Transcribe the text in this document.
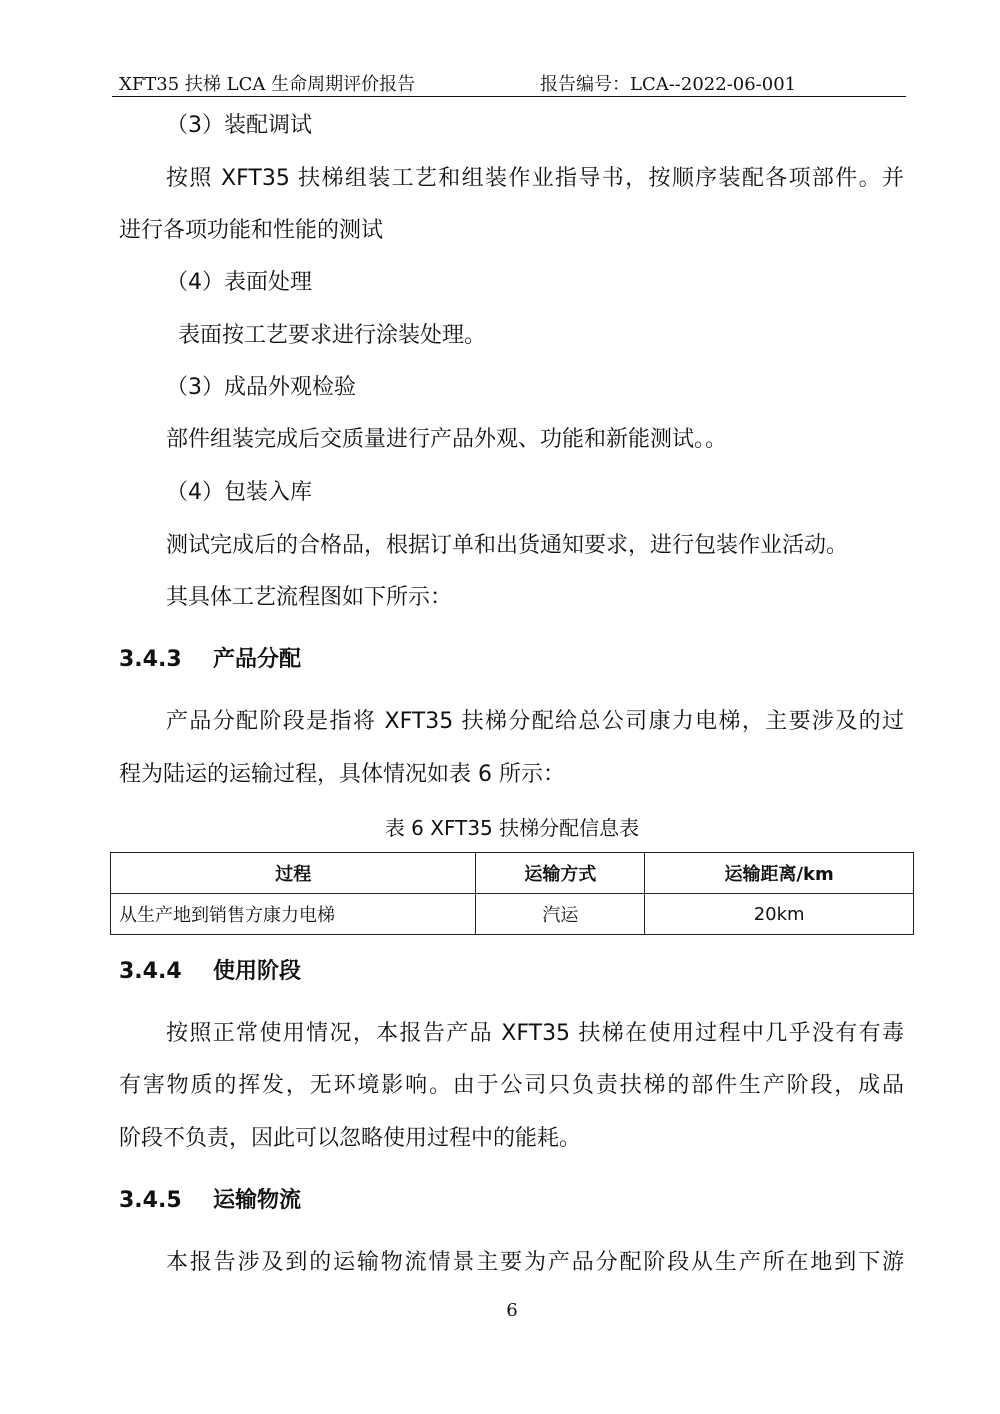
XFT35 扶梯 LCA 生命周期评价报告	报告编号：LCA--2022-06-001
（3）装配调试
按照 XFT35 扶梯组装工艺和组装作业指导书，按顺序装配各项部件。并
进行各项功能和性能的测试
（4）表面处理
表面按工艺要求进行涂装处理。
（3）成品外观检验
部件组装完成后交质量进行产品外观、功能和新能测试。。
（4）包装入库
测试完成后的合格品，根据订单和出货通知要求，进行包装作业活动。
其具体工艺流程图如下所示：
3.4.3 产品分配
产品分配阶段是指将 XFT35 扶梯分配给总公司康力电梯，主要涉及的过
程为陆运的运输过程，具体情况如表 6 所示：
表 6 XFT35 扶梯分配信息表
过程	运输方式	运输距离/km
从生产地到销售方康力电梯	汽运	20km
3.4.4 使用阶段
按照正常使用情况，本报告产品 XFT35 扶梯在使用过程中几乎没有有毒
有害物质的挥发，无环境影响。由于公司只负责扶梯的部件生产阶段，成品
阶段不负责，因此可以忽略使用过程中的能耗。
3.4.5 运输物流
本报告涉及到的运输物流情景主要为产品分配阶段从生产所在地到下游
6
